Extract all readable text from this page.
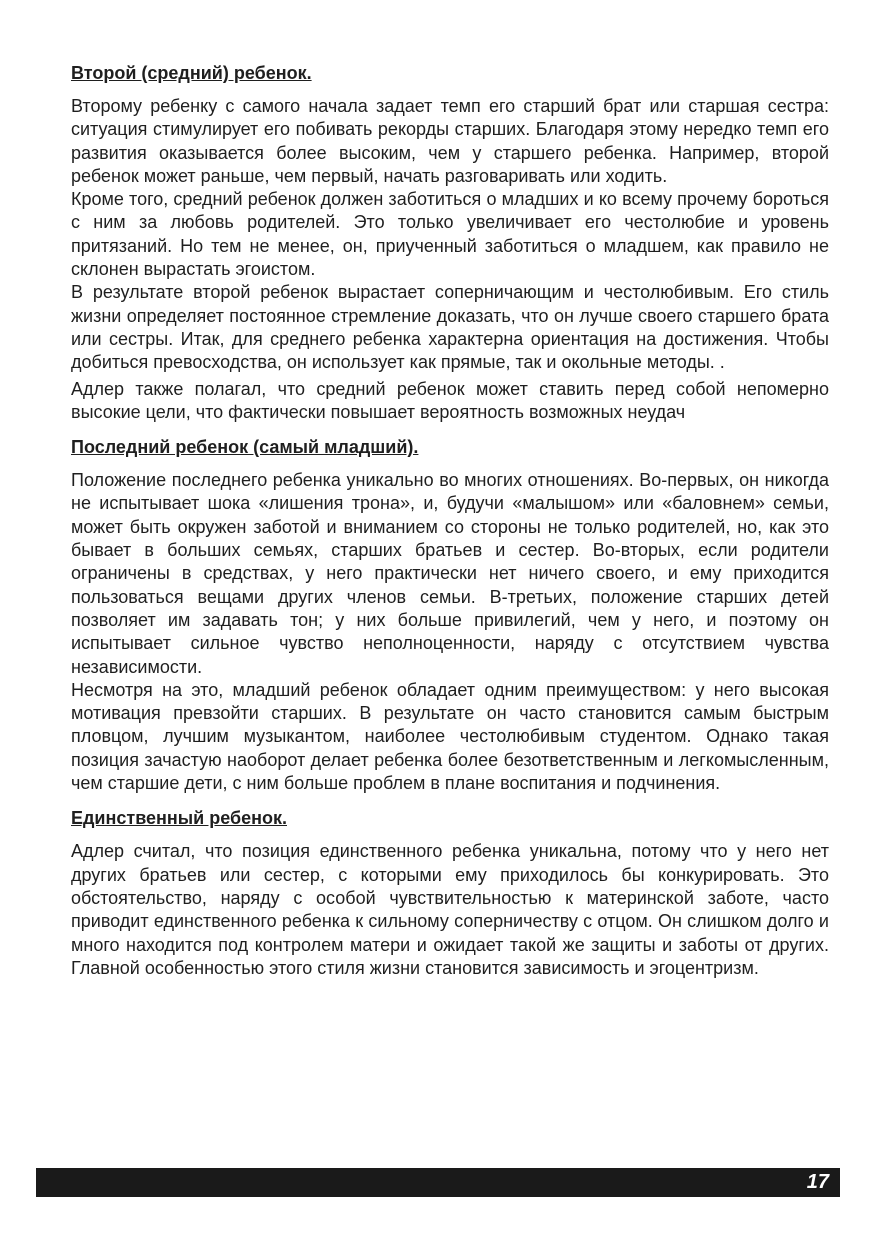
Второй (средний) ребенок.

Второму ребенку с самого начала задает темп его старший брат или старшая сестра: ситуация стимулирует его побивать рекорды старших. Благодаря этому нередко темп его развития оказывается более высоким, чем у старшего ребенка. Например, второй ребенок может раньше, чем первый, начать разговаривать или ходить.

Кроме того, средний ребенок должен заботиться о младших и ко всему прочему бороться с ним за любовь родителей. Это только увеличивает его честолюбие и уровень притязаний. Но тем не менее, он, приученный заботиться о младшем, как правило не склонен вырастать эгоистом.

В результате второй ребенок вырастает соперничающим и честолюбивым. Его стиль жизни определяет постоянное стремление доказать, что он лучше своего старшего брата или сестры. Итак, для среднего ребенка характерна ориентация на достижения. Чтобы добиться превосходства, он использует как прямые, так и окольные методы. .

Адлер также полагал, что средний ребенок может ставить перед собой непомерно высокие цели, что фактически повышает вероятность возможных неудач

Последний ребенок (самый младший).

Положение последнего ребенка уникально во многих отношениях. Во-первых, он никогда не испытывает шока «лишения трона», и, будучи «малышом» или «баловнем» семьи, может быть окружен заботой и вниманием со стороны не только родителей, но, как это бывает в больших семьях, старших братьев и сестер. Во-вторых, если родители ограничены в средствах, у него практически нет ничего своего, и ему приходится пользоваться вещами других членов семьи. В-третьих, положение старших детей позволяет им задавать тон; у них больше привилегий, чем у него, и поэтому он испытывает сильное чувство неполноценности, наряду с отсутствием чувства независимости.

Несмотря на это, младший ребенок обладает одним преимуществом: у него высокая мотивация превзойти старших. В результате он часто становится самым быстрым пловцом, лучшим музыкантом, наиболее честолюбивым студентом. Однако такая позиция зачастую наоборот делает ребенка более безответственным и легкомысленным, чем старшие дети, с ним больше проблем в плане воспитания и подчинения.

Единственный ребенок.

Адлер считал, что позиция единственного ребенка уникальна, потому что у него нет других братьев или сестер, с которыми ему приходилось бы конкурировать. Это обстоятельство, наряду с особой чувствительностью к материнской заботе, часто приводит единственного ребенка к сильному соперничеству с отцом. Он слишком долго и много находится под контролем матери и ожидает такой же защиты и заботы от других. Главной особенностью этого стиля жизни становится зависимость и эгоцентризм.

17
